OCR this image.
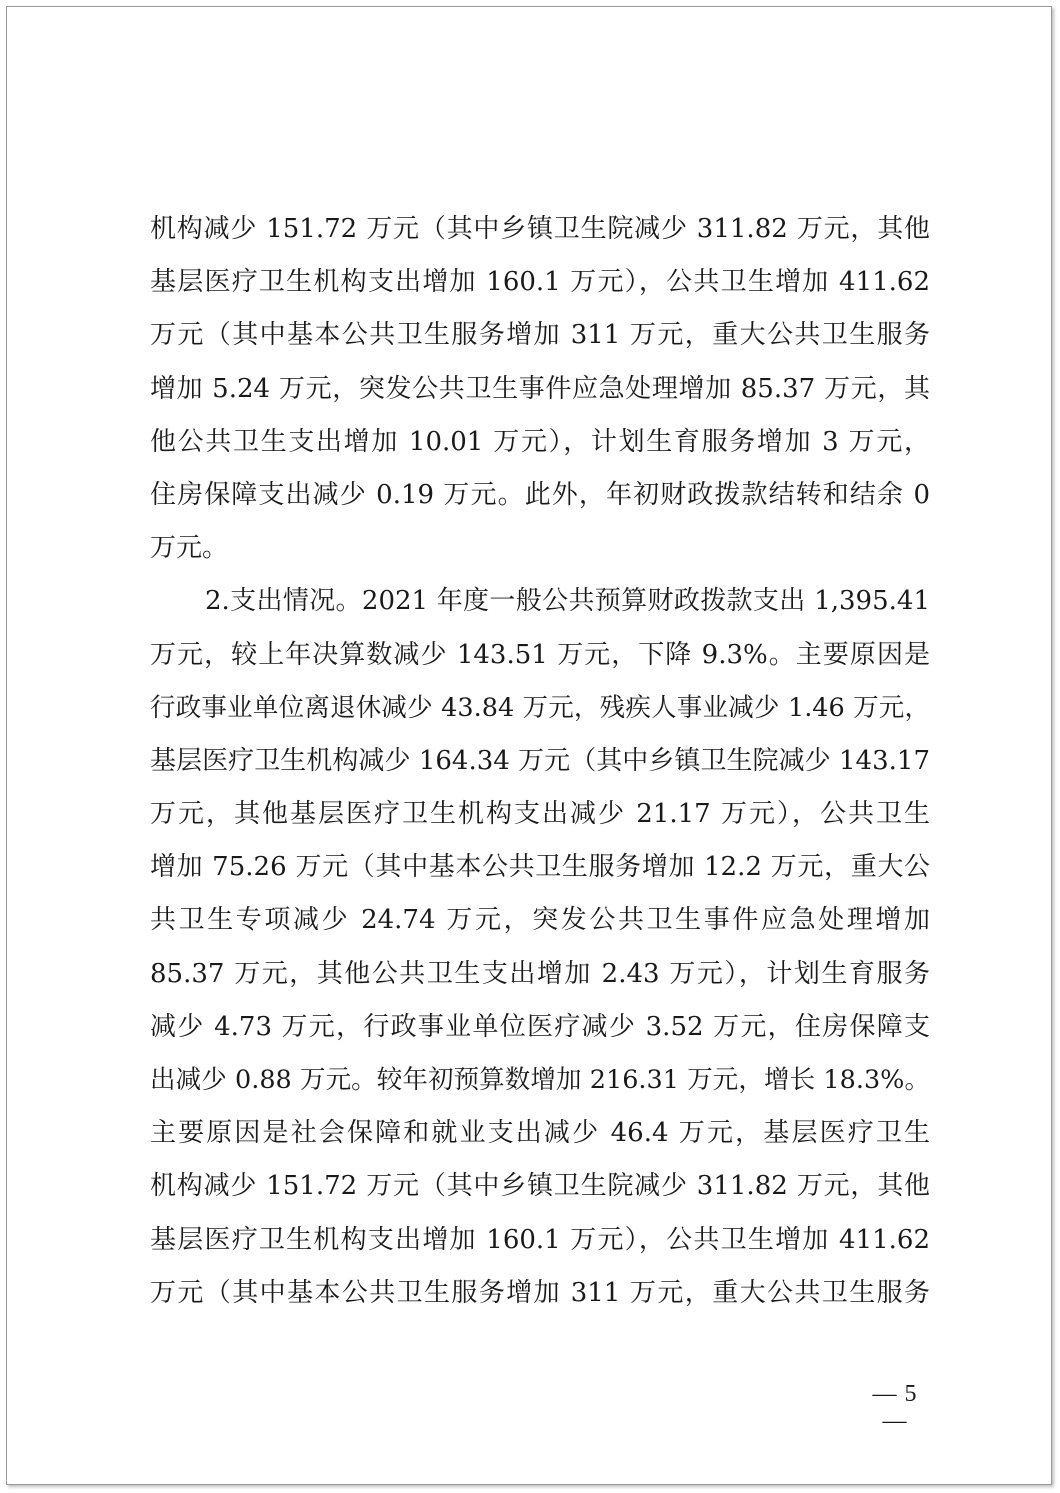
机构减少 151.72 万元（其中乡镇卫生院减少 311.82 万元，其他
基层医疗卫生机构支出增加 160.1 万元），公共卫生增加 411.62
万元（其中基本公共卫生服务增加 311 万元，重大公共卫生服务
增加 5.24 万元，突发公共卫生事件应急处理增加 85.37 万元，其
他公共卫生支出增加 10.01 万元），计划生育服务增加 3 万元，
住房保障支出减少 0.19 万元。此外，年初财政拨款结转和结余 0
万元。
2.支出情况。2021 年度一般公共预算财政拨款支出 1,395.41
万元，较上年决算数减少 143.51 万元，下降 9.3%。主要原因是
行政事业单位离退休减少 43.84 万元，残疾人事业减少 1.46 万元，
基层医疗卫生机构减少 164.34 万元（其中乡镇卫生院减少 143.17
万元，其他基层医疗卫生机构支出减少 21.17 万元），公共卫生
增加 75.26 万元（其中基本公共卫生服务增加 12.2 万元，重大公
共卫生专项减少 24.74 万元，突发公共卫生事件应急处理增加
85.37 万元，其他公共卫生支出增加 2.43 万元），计划生育服务
减少 4.73 万元，行政事业单位医疗减少 3.52 万元，住房保障支
出减少 0.88 万元。较年初预算数增加 216.31 万元，增长 18.3%。
主要原因是社会保障和就业支出减少 46.4 万元，基层医疗卫生
机构减少 151.72 万元（其中乡镇卫生院减少 311.82 万元，其他
基层医疗卫生机构支出增加 160.1 万元），公共卫生增加 411.62
万元（其中基本公共卫生服务增加 311 万元，重大公共卫生服务
— 5 —
